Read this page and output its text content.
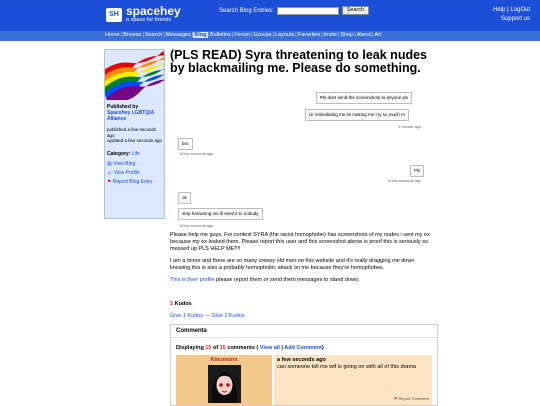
SH spacehey
a space for friends
Search Blog Entries:	Search	Help | LogOut
Support us
Home | Browse | Search | Messages Blog | Bulletins | Forum | Groups | Layouts | Favorites | Invite | Shop | About | Art
Published by
Spacehey LGBTQIA Alliance
published a few seconds ago
updated a few seconds ago
Category: Life
▤ View Blog
☺ View Profile
⚑ Report Blog Entry
(PLS READ) Syra threatening to leak nudes by blackmailing me. Please do something.
Pls dont send the screenshots to anyone plx
Ur intimidating me its making me cry so much rn
1 minute ago
bro
a few seconds ago
Pls
a few seconds ago
ok
stop harassing me ill send it to nobody
a few seconds ago

Please help me guys. For context SYRA (the racist homophobe) has screenshots of my nudes i sent my ex because my ex leaked them. Please report this user and this screenshot above is proof this is seriously so messed up PLS HELP ME!!!!

I am a minor and there are so many creepy old men on this website and it's really dragging me down knowing this is also a probably homophobic attack on me because they're homophobes.

This is their profile please report them or send them messages to stand down.

2 Kudos
Give 1 Kudos — Give 2 Kudos
Comments
Displaying 15 of 15 comments ( View all | Add Comment)
Kinomonx	a few seconds ago
can someone tell me wtf is going on with all of this drama
⚑ Report Comment
